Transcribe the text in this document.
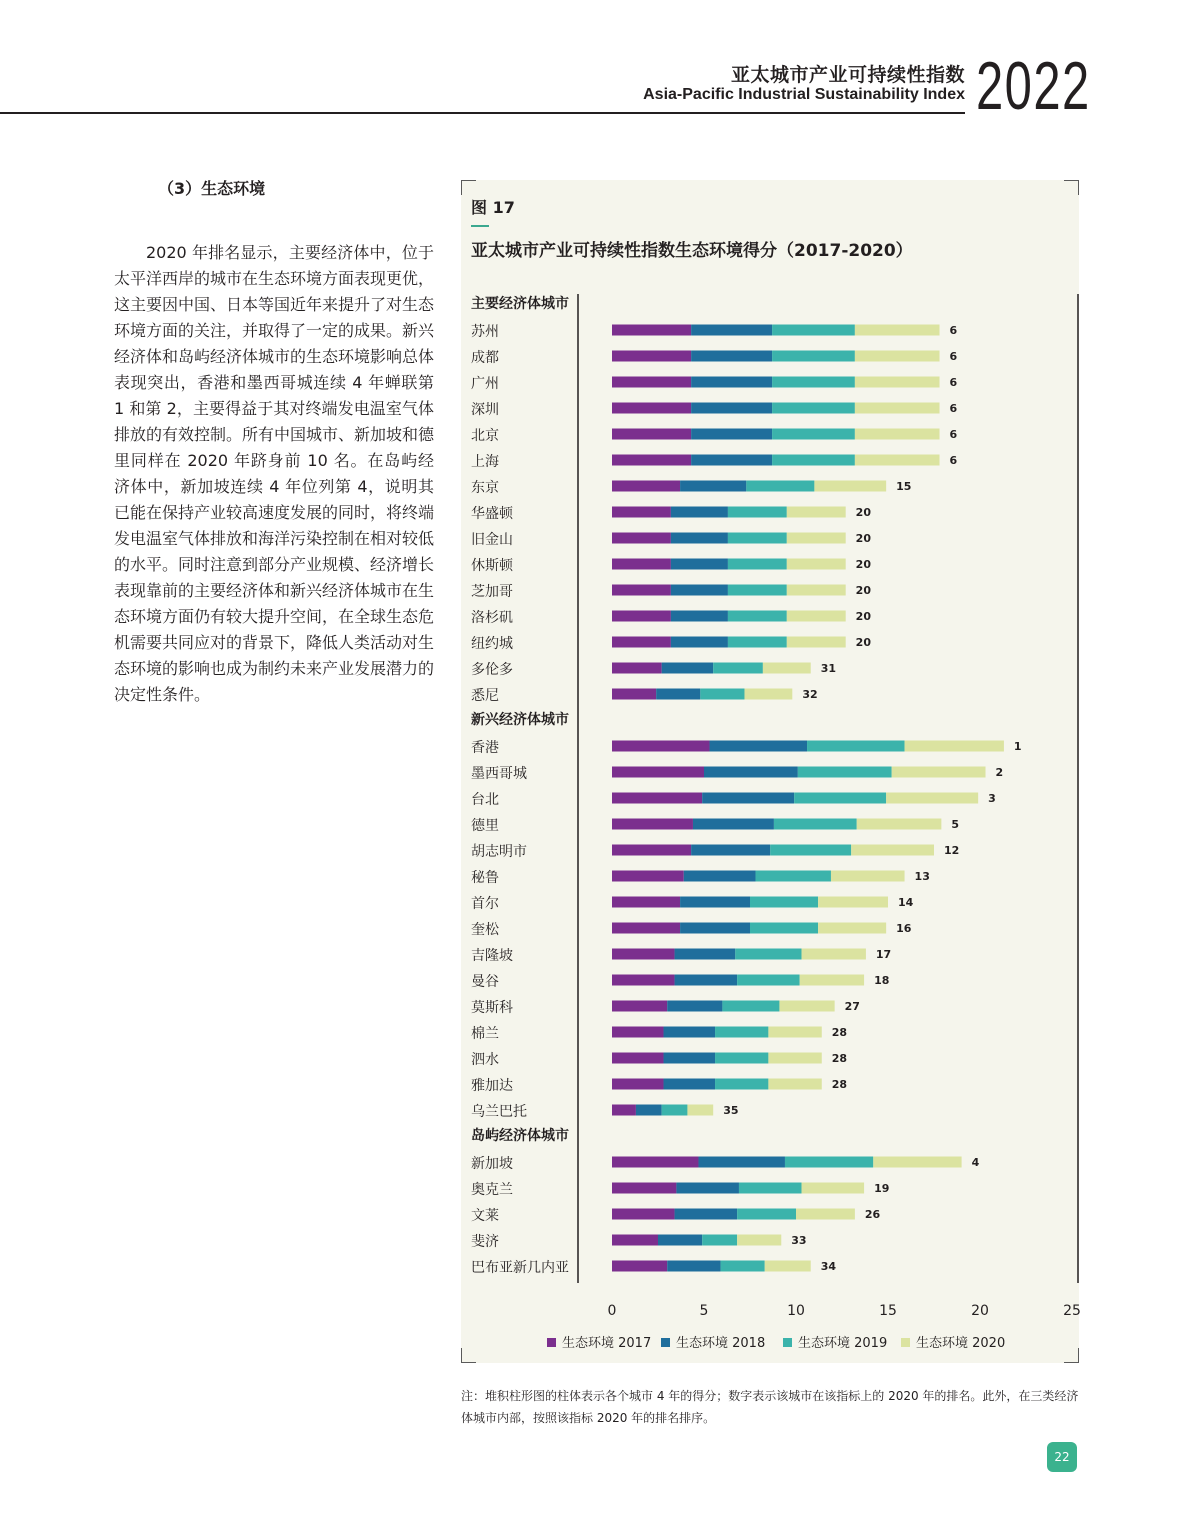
亚太城市产业可持续性指数
Asia-Pacific Industrial Sustainability Index 2022
（3）生态环境

2020 年排名显示，主要经济体中，位于太平洋西岸的城市在生态环境方面表现更优，这主要因中国、日本等国近年来提升了对生态环境方面的关注，并取得了一定的成果。新兴经济体和岛屿经济体城市的生态环境影响总体表现突出，香港和墨西哥城连续 4 年蝉联第 1 和第 2，主要得益于其对终端发电温室气体排放的有效控制。所有中国城市、新加坡和德里同样在 2020 年跻身前 10 名。在岛屿经济体中，新加坡连续 4 年位列第 4，说明其已能在保持产业较高速度发展的同时，将终端发电温室气体排放和海洋污染控制在相对较低的水平。同时注意到部分产业规模、经济增长表现靠前的主要经济体和新兴经济体城市在生态环境方面仍有较大提升空间，在全球生态危机需要共同应对的背景下，降低人类活动对生态环境的影响也成为制约未来产业发展潜力的决定性条件。

图 17
亚太城市产业可持续性指数生态环境得分（2017-2020）
主要经济体城市
苏州	6
成都	6
广州	6
深圳	6
北京	6
上海	6
东京	15
华盛顿	20
旧金山	20
休斯顿	20
芝加哥	20
洛杉矶	20
纽约城	20
多伦多	31
悉尼	32
新兴经济体城市
香港	1
墨西哥城	2
台北	3
德里	5
胡志明市	12
秘鲁	13
首尔	14
奎松	16
吉隆坡	17
曼谷	18
莫斯科	27
棉兰	28
泗水	28
雅加达	28
乌兰巴托	35
岛屿经济体城市
新加坡	4
奥克兰	19
文莱	26
斐济	33
巴布亚新几内亚	34
0	5	10	15	20	25
生态环境 2017 生态环境 2018	生态环境 2019 生态环境 2020
注：堆积柱形图的柱体表示各个城市 4 年的得分；数字表示该城市在该指标上的 2020 年的排名。此外，在三类经济体城市内部，按照该指标 2020 年的排名排序。
22
